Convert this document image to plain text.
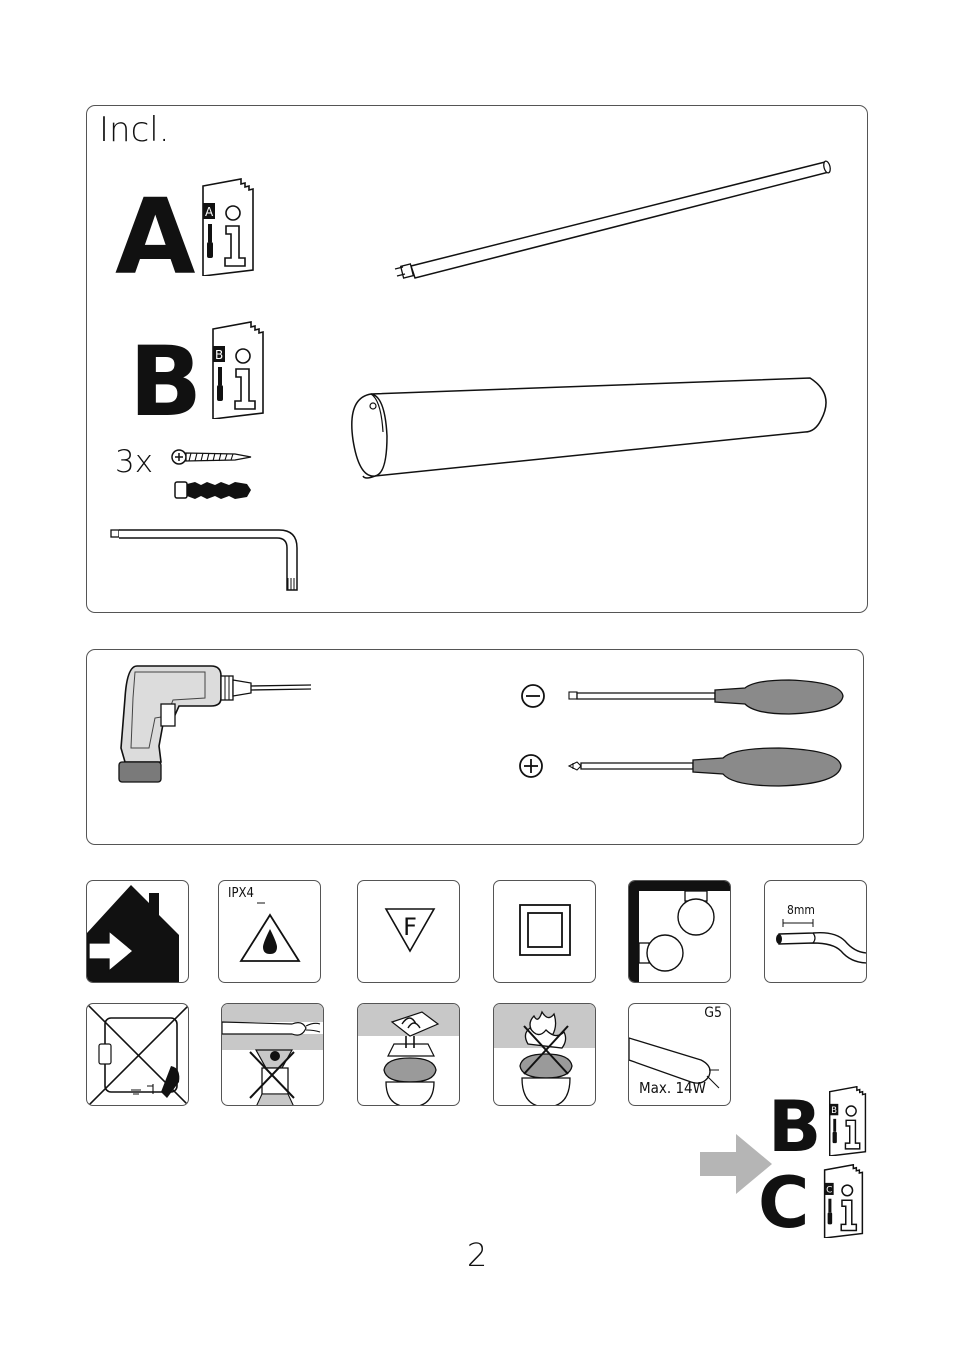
Incl.
A A
B B
3x
IPX4
F
8mm
G5
Max. 14W B B
C C
2
